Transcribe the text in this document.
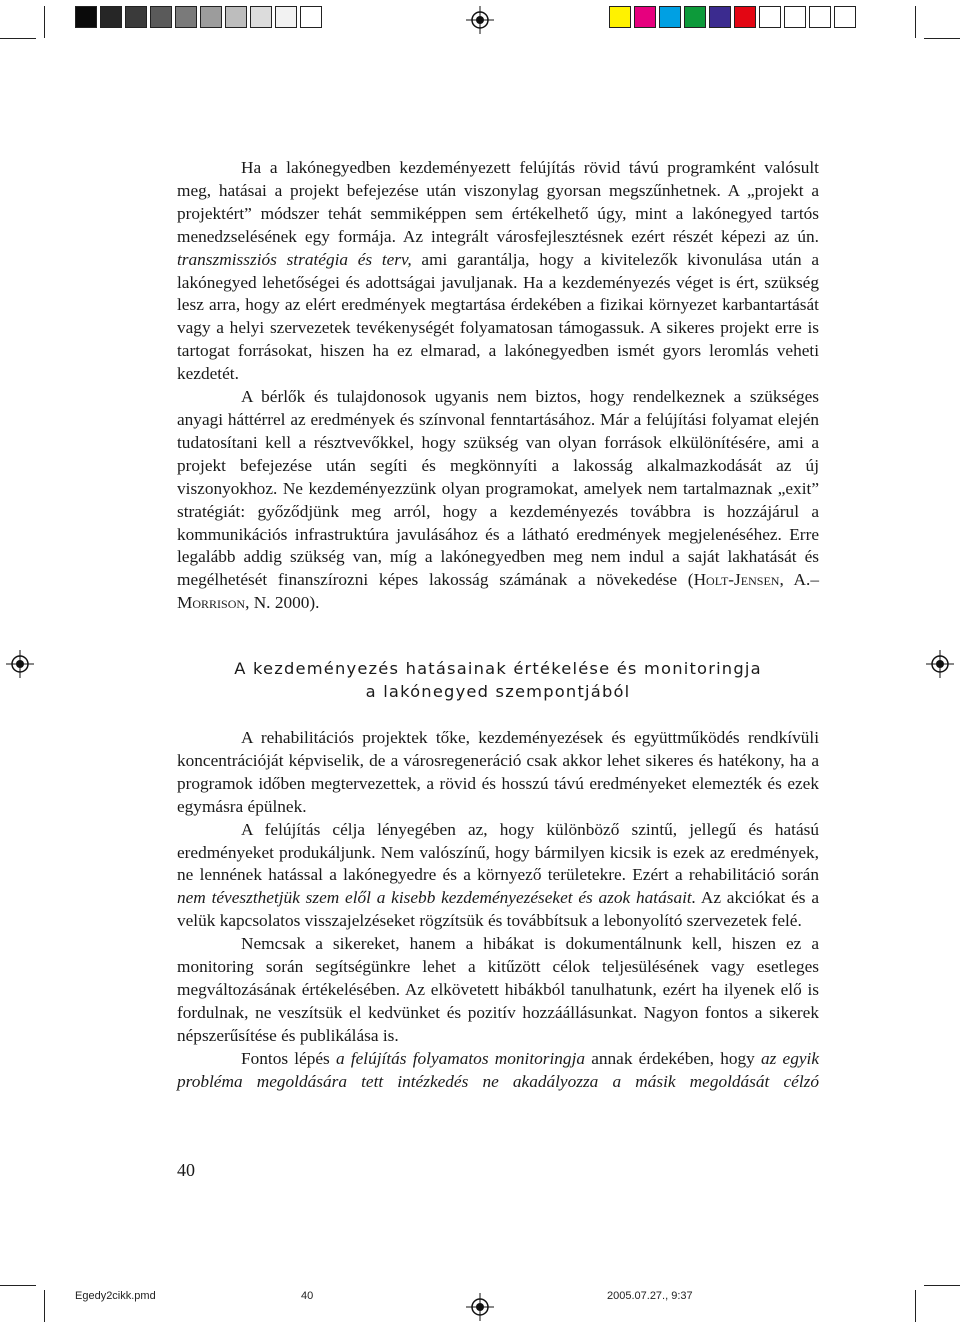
Ha a lakónegyedben kezdeményezett felújítás rövid távú programként valósult meg, hatásai a projekt befejezése után viszonylag gyorsan megszűnhetnek. A „projekt a projektért” módszer tehát semmiképpen sem értékelhető úgy, mint a lakónegyed tartós menedzselésének egy formája. Az integrált városfejlesztésnek ezért részét képezi az ún. transzmissziós stratégia és terv, ami garantálja, hogy a kivitelezők kivonulása után a lakónegyed lehetőségei és adottságai javuljanak. Ha a kezdeményezés véget is ért, szükség lesz arra, hogy az elért eredmények megtartása érdekében a fizikai környezet karbantartását vagy a helyi szervezetek tevékenységét folyamatosan támogassuk. A sikeres projekt erre is tartogat forrásokat, hiszen ha ez elmarad, a lakónegyedben ismét gyors leromlás veheti kezdetét.

A bérlők és tulajdonosok ugyanis nem biztos, hogy rendelkeznek a szükséges anyagi háttérrel az eredmények és színvonal fenntartásához. Már a felújítási folyamat elején tudatosítani kell a résztvevőkkel, hogy szükség van olyan források elkülönítésére, ami a projekt befejezése után segíti és megkönnyíti a lakosság alkalmazkodását az új viszonyokhoz. Ne kezdeményezzünk olyan programokat, amelyek nem tartalmaznak „exit” stratégiát: győződjünk meg arról, hogy a kezdeményezés továbbra is hozzájárul a kommunikációs infrastruktúra javulásához és a látható eredmények megjelenéséhez. Erre legalább addig szükség van, míg a lakónegyedben meg nem indul a saját lakhatását és megélhetését finanszírozni képes lakosság számának a növekedése (Holt-Jensen, A.–Morrison, N. 2000).

A kezdeményezés hatásainak értékelése és monitoringja
a lakónegyed szempontjából

A rehabilitációs projektek tőke, kezdeményezések és együttműködés rendkívüli koncentrációját képviselik, de a városregeneráció csak akkor lehet sikeres és hatékony, ha a programok időben megtervezettek, a rövid és hosszú távú eredményeket elemezték és ezek egymásra épülnek.

A felújítás célja lényegében az, hogy különböző szintű, jellegű és hatású eredményeket produkáljunk. Nem valószínű, hogy bármilyen kicsik is ezek az eredmények, ne lennének hatással a lakónegyedre és a környező területekre. Ezért a rehabilitáció során nem téveszthetjük szem elől a kisebb kezdeményezéseket és azok hatásait. Az akciókat és a velük kapcsolatos visszajelzéseket rögzítsük és továbbítsuk a lebonyolító szervezetek felé.

Nemcsak a sikereket, hanem a hibákat is dokumentálnunk kell, hiszen ez a monitoring során segítségünkre lehet a kitűzött célok teljesülésének vagy esetleges megváltozásának értékelésében. Az elkövetett hibákból tanulhatunk, ezért ha ilyenek elő is fordulnak, ne veszítsük el kedvünket és pozitív hozzáállásunkat. Nagyon fontos a sikerek népszerűsítése és publikálása is.

Fontos lépés a felújítás folyamatos monitoringja annak érdekében, hogy az egyik probléma megoldására tett intézkedés ne akadályozza a másik megoldását célzó

40
Egedy2cikk.pmd	40	2005.07.27., 9:37
